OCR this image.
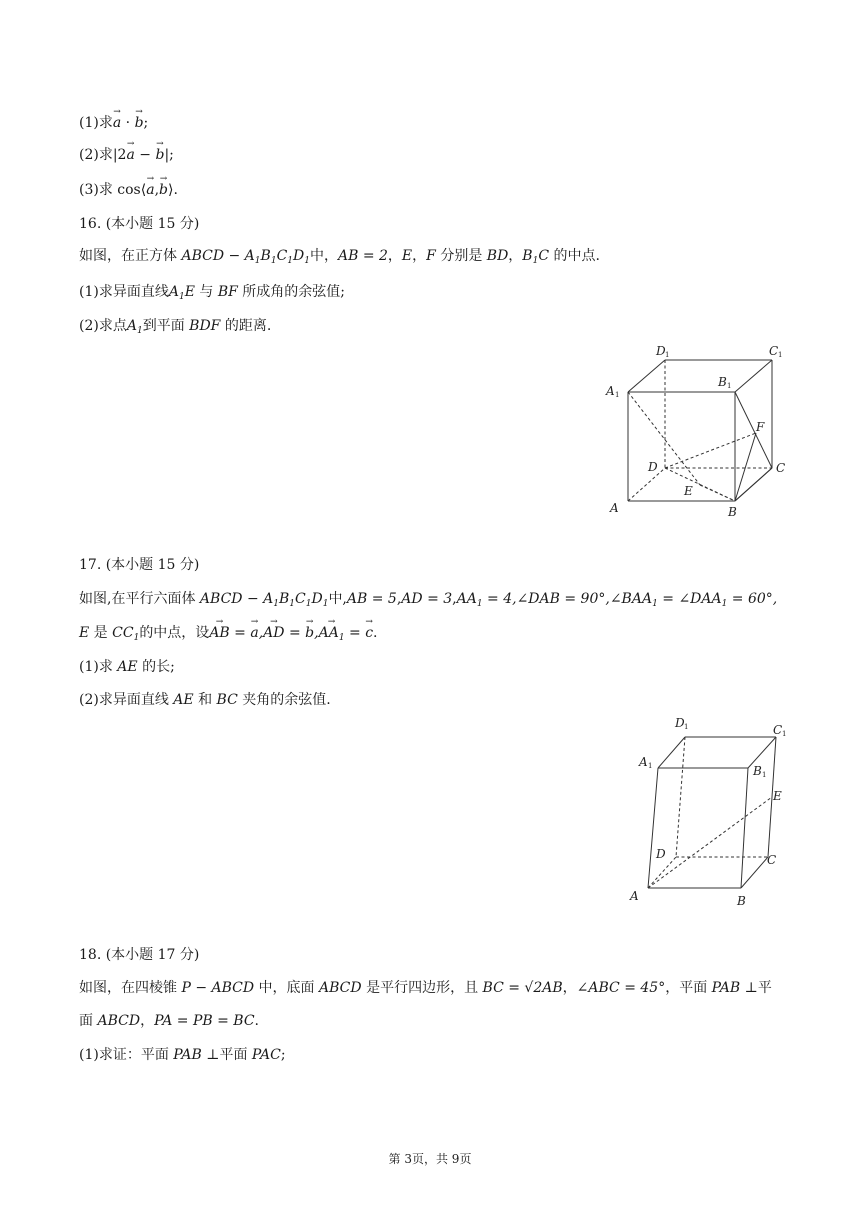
(1)求→ a · → b;
(2)求|2→ a − → b|;
(3)求 cos⟨→ a,→ b⟩.
16. (本小题 15 分)
如图，在正方体 ABCD − $A_1B_1C_1D_1$中，AB = 2，E，F 分别是 BD，$B_1C$ 的中点.
(1)求异面直线$A_1E$ 与 BF 所成角的余弦值;
(2)求点$A_1$到平面 BDF 的距离.
D 1	C 1
A 1
B 1
F
D	C
E
A	B
17. (本小题 15 分)
如图,在平行六面体 ABCD − $A_1B_1C_1D_1$中$,AB = 5,AD = 3,AA_1$ = 4,∠DAB = $90^\circ,\angle BAA_1$ = $\angle DAA_1 = 60^\circ$,
E 是 $CC_1$的中点，设→ AB = → a,→ AD = → $b,\to AA_1$ = → c.
(1)求 AE 的长;
(2)求异面直线 AE 和 BC 夹角的余弦值.
D 1	C 1
A 1	B 1
E
D	C
A	B
18. (本小题 17 分)
如图，在四棱锥 P − ABCD 中，底面 ABCD 是平行四边形，且 BC = √2AB，∠ABC = 45°，平面 PAB ⊥平
面 ABCD，PA = PB = BC.
(1)求证：平面 PAB ⊥平面 PAC;
第 3页，共 9页
